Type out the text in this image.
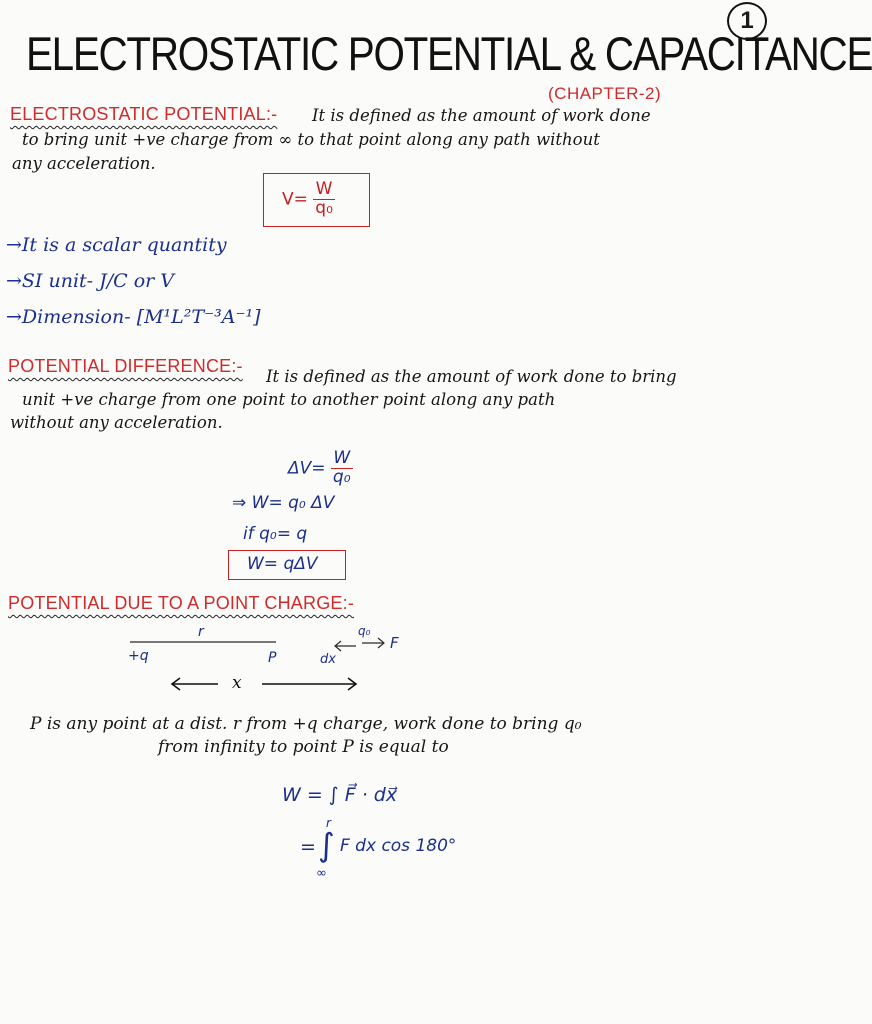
ELECTROSTATIC POTENTIAL & CAPACITANCE
1
(CHAPTER-2)
ELECTROSTATIC POTENTIAL:- It is defined as the amount of work done
to bring unit +ve charge from ∞ to that point along any path without
any acceleration.
$V= \frac{W}{\text{q₀}}$
→It is a scalar quantity
→SI unit- J/C or V
→Dimension- [M¹L²T⁻³A⁻¹]
POTENTIAL DIFFERENCE:-
It is defined as the amount of work done to bring
unit +ve charge from one point to another point along any path
without any acceleration.
$\Delta V= \frac{W}{\text{q₀}}$
⇒ W= q₀ ΔV
if q₀= q
W= qΔV
POTENTIAL DUE TO A POINT CHARGE:-
r
+q	P	dx
q₀
F
x
P is any point at a dist. r from +q charge, work done to bring q₀
from infinity to point P is equal to
W = ∫ F⃗ · dx⃗
= ∫
r
∞
F dx cos 180°
